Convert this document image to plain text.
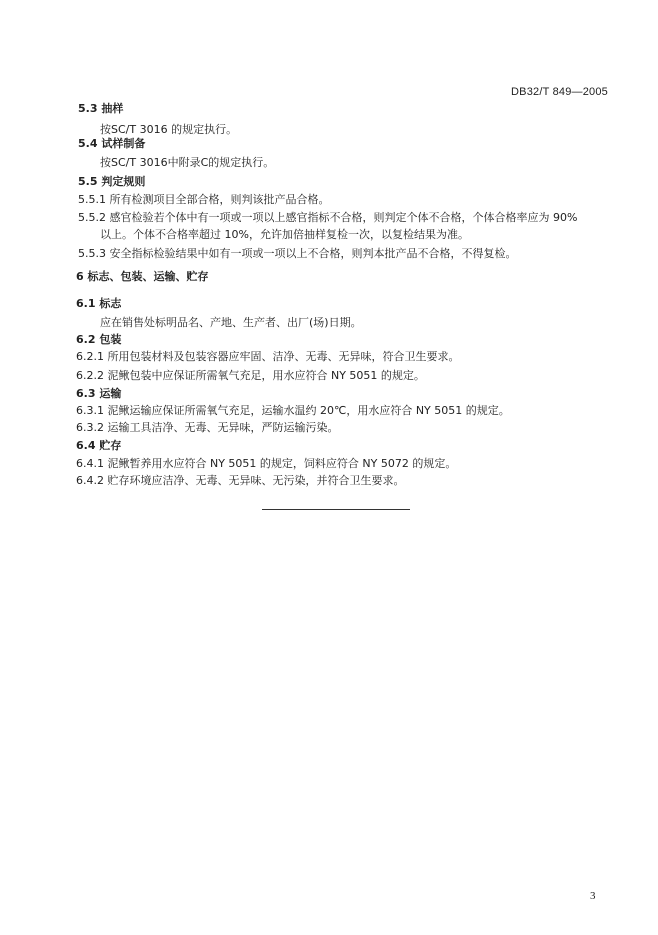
DB32/T 849—2005
5.3 抽样
按SC/T 3016 的规定执行。
5.4 试样制备
按SC/T 3016中附录C的规定执行。
5.5 判定规则
5.5.1 所有检测项目全部合格，则判该批产品合格。
5.5.2 感官检验若个体中有一项或一项以上感官指标不合格，则判定个体不合格，个体合格率应为 90%
以上。个体不合格率超过 10%，允许加倍抽样复检一次，以复检结果为准。
5.5.3 安全指标检验结果中如有一项或一项以上不合格，则判本批产品不合格，不得复检。
6 标志、包装、运输、贮存
6.1 标志
应在销售处标明品名、产地、生产者、出厂(场)日期。
6.2 包装
6.2.1 所用包装材料及包装容器应牢固、洁净、无毒、无异味，符合卫生要求。
6.2.2 泥鳅包装中应保证所需氧气充足，用水应符合 NY 5051 的规定。
6.3 运输
6.3.1 泥鳅运输应保证所需氧气充足，运输水温约 20℃，用水应符合 NY 5051 的规定。
6.3.2 运输工具洁净、无毒、无异味，严防运输污染。
6.4 贮存
6.4.1 泥鳅暂养用水应符合 NY 5051 的规定，饲料应符合 NY 5072 的规定。
6.4.2 贮存环境应洁净、无毒、无异味、无污染，并符合卫生要求。
3
